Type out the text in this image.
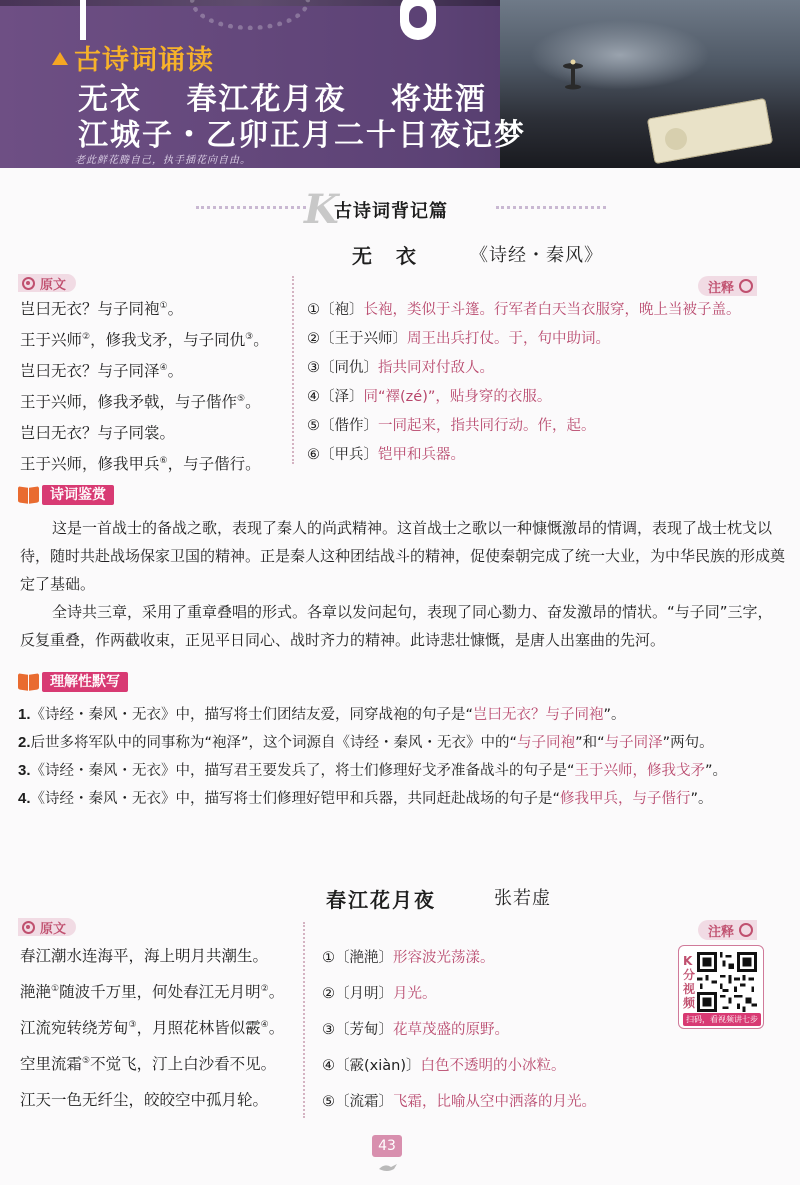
古诗词诵读
无衣　 春江花月夜　 将进酒
江城子・乙卯正月二十日夜记梦
老此鲜花腾自己，执手插花向自由。
K
古诗词背记篇
无　衣	《诗经・秦风》
原文	注释
岂曰无衣？与子同袍①。
王于兴师②，修我戈矛，与子同仇③。
岂曰无衣？与子同泽④。
王于兴师，修我矛戟，与子偕作⑤。
岂曰无衣？与子同裳。
王于兴师，修我甲兵⑥，与子偕行。
①〔袍〕长袍，类似于斗篷。行军者白天当衣服穿，晚上当被子盖。
②〔王于兴师〕周王出兵打仗。于，句中助词。
③〔同仇〕指共同对付敌人。
④〔泽〕同“襗(zé)”，贴身穿的衣服。
⑤〔偕作〕一同起来，指共同行动。作，起。
⑥〔甲兵〕铠甲和兵器。
诗词鉴赏
这是一首战士的备战之歌，表现了秦人的尚武精神。这首战士之歌以一种慷慨激昂的情调，表现了战士枕戈以待，随时共赴战场保家卫国的精神。正是秦人这种团结战斗的精神，促使秦朝完成了统一大业，为中华民族的形成奠定了基础。
全诗共三章，采用了重章叠唱的形式。各章以发问起句，表现了同心勠力、奋发激昂的情状。“与子同”三字，反复重叠，作两截收束，正见平日同心、战时齐力的精神。此诗悲壮慷慨，是唐人出塞曲的先河。
理解性默写
1.《诗经・秦风・无衣》中，描写将士们团结友爱，同穿战袍的句子是“岂曰无衣？与子同袍”。
2.后世多将军队中的同事称为“袍泽”，这个词源自《诗经・秦风・无衣》中的“与子同袍”和“与子同泽”两句。
3.《诗经・秦风・无衣》中，描写君王要发兵了，将士们修理好戈矛准备战斗的句子是“王于兴师，修我戈矛”。
4.《诗经・秦风・无衣》中，描写将士们修理好铠甲和兵器，共同赶赴战场的句子是“修我甲兵，与子偕行”。
春江花月夜	张若虚
原文	注释
春江潮水连海平，海上明月共潮生。
滟滟①随波千万里，何处春江无月明②。
江流宛转绕芳甸③，月照花林皆似霰④。
空里流霜⑤不觉飞，汀上白沙看不见。
江天一色无纤尘，皎皎空中孤月轮。
①〔滟滟〕形容波光荡漾。
②〔月明〕月光。
③〔芳甸〕花草茂盛的原野。
④〔霰(xiàn)〕白色不透明的小冰粒。
⑤〔流霜〕飞霜，比喻从空中洒落的月光。
K分视频
扫码，看视频讲七步
43
